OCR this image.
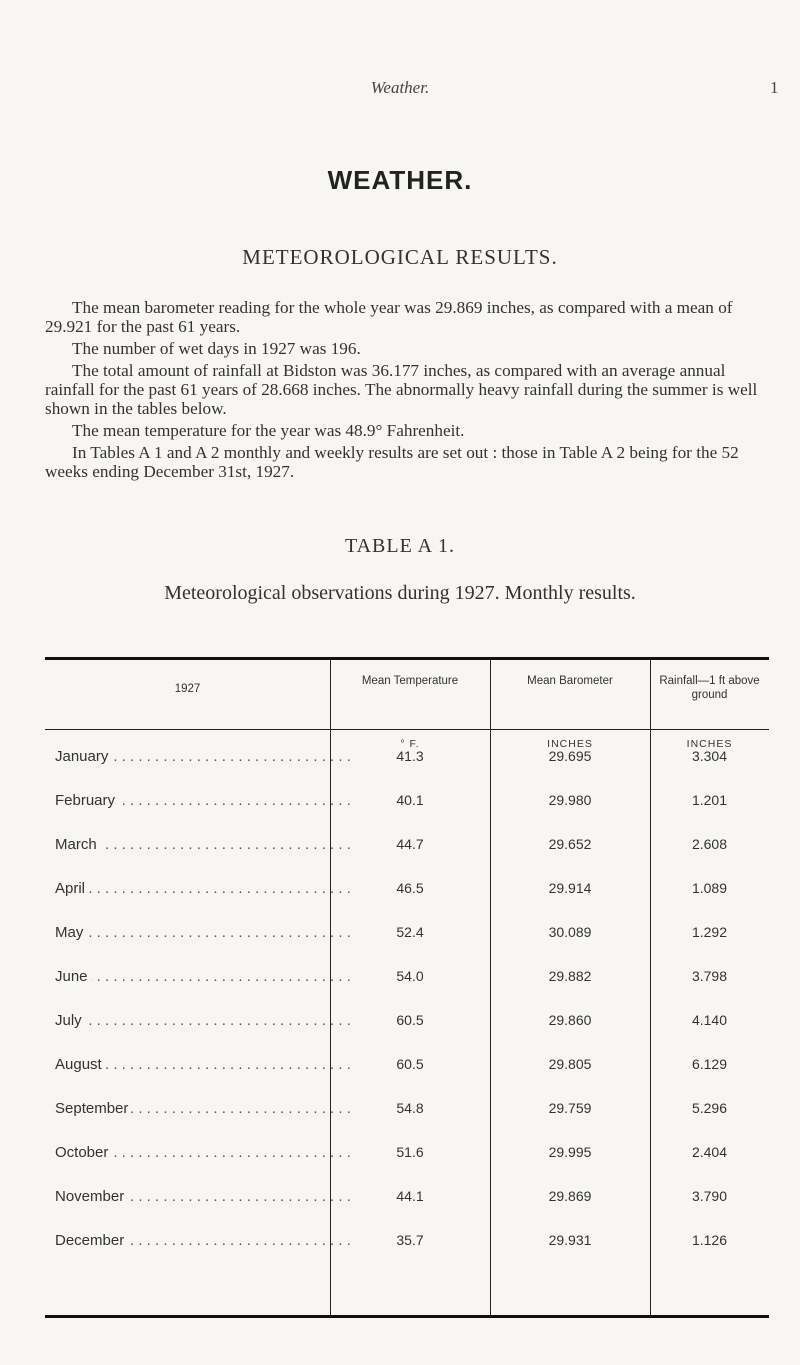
Weather.	1
WEATHER.
METEOROLOGICAL RESULTS.

The mean barometer reading for the whole year was 29.869 inches, as compared with a mean of 29.921 for the past 61 years.

The number of wet days in 1927 was 196.

The total amount of rainfall at Bidston was 36.177 inches, as compared with an average annual rainfall for the past 61 years of 28.668 inches. The abnormally heavy rainfall during the summer is well shown in the tables below.

The mean temperature for the year was 48.9° Fahrenheit.

In Tables A 1 and A 2 monthly and weekly results are set out : those in Table A 2 being for the 52 weeks ending December 31st, 1927.

TABLE A 1.
Meteorological observations during 1927. Monthly results.
1927
Mean Temperature	Mean Barometer	Rainfall—1 ft above ground
° F.	INCHES	INCHES
January . . .	41.3	29.695	3.304
February . . .	40.1	29.980	1.201
March . . .	44.7	29.652	2.608
April . . .	46.5	29.914	1.089
May . . .	52.4	30.089	1.292
June . . .	54.0	29.882	3.798
July . . .	60.5	29.860	4.140
August . . .	60.5	29.805	6.129
September . . .	54.8	29.759	5.296
October . . .	51.6	29.995	2.404
November . . .	44.1	29.869	3.790
December . . .	35.7	29.931	1.126
